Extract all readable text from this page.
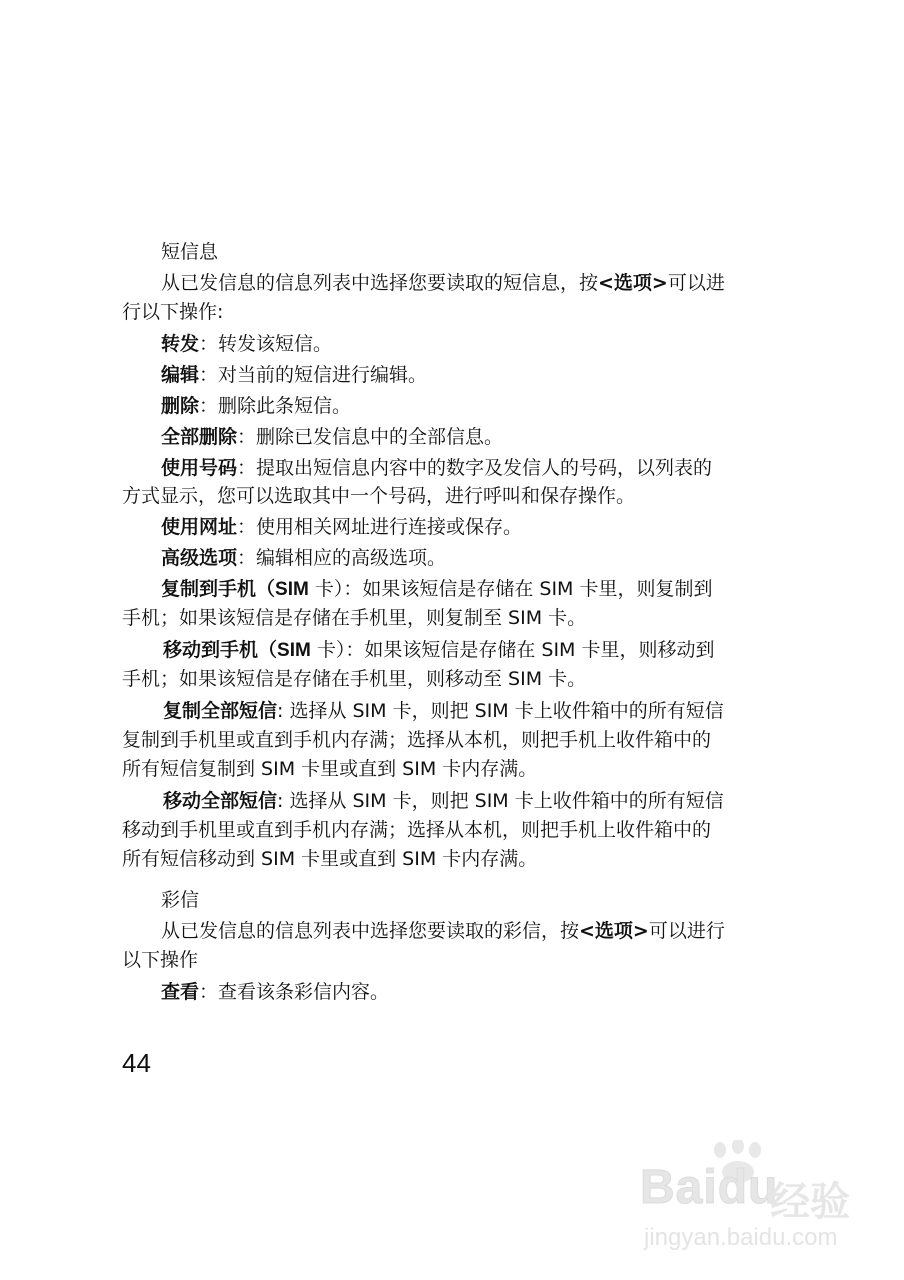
短信息
从已发信息的信息列表中选择您要读取的短信息，按<选项>可以进
行以下操作:
转发：转发该短信。
编辑：对当前的短信进行编辑。
删除：删除此条短信。
全部删除：删除已发信息中的全部信息。
使用号码：提取出短信息内容中的数字及发信人的号码，以列表的
方式显示，您可以选取其中一个号码，进行呼叫和保存操作。
使用网址：使用相关网址进行连接或保存。
高级选项：编辑相应的高级选项。
复制到手机（SIM 卡）：如果该短信是存储在 SIM 卡里，则复制到
手机；如果该短信是存储在手机里，则复制至 SIM 卡。
移动到手机（SIM 卡）：如果该短信是存储在 SIM 卡里，则移动到
手机；如果该短信是存储在手机里，则移动至 SIM 卡。
复制全部短信: 选择从 SIM 卡，则把 SIM 卡上收件箱中的所有短信
复制到手机里或直到手机内存满；选择从本机，则把手机上收件箱中的
所有短信复制到 SIM 卡里或直到 SIM 卡内存满。
移动全部短信: 选择从 SIM 卡，则把 SIM 卡上收件箱中的所有短信
移动到手机里或直到手机内存满；选择从本机，则把手机上收件箱中的
所有短信移动到 SIM 卡里或直到 SIM 卡内存满。
彩信
从已发信息的信息列表中选择您要读取的彩信，按<选项>可以进行
以下操作
查看：查看该条彩信内容。
44
Baidu
经验
jingyan.baidu.com
